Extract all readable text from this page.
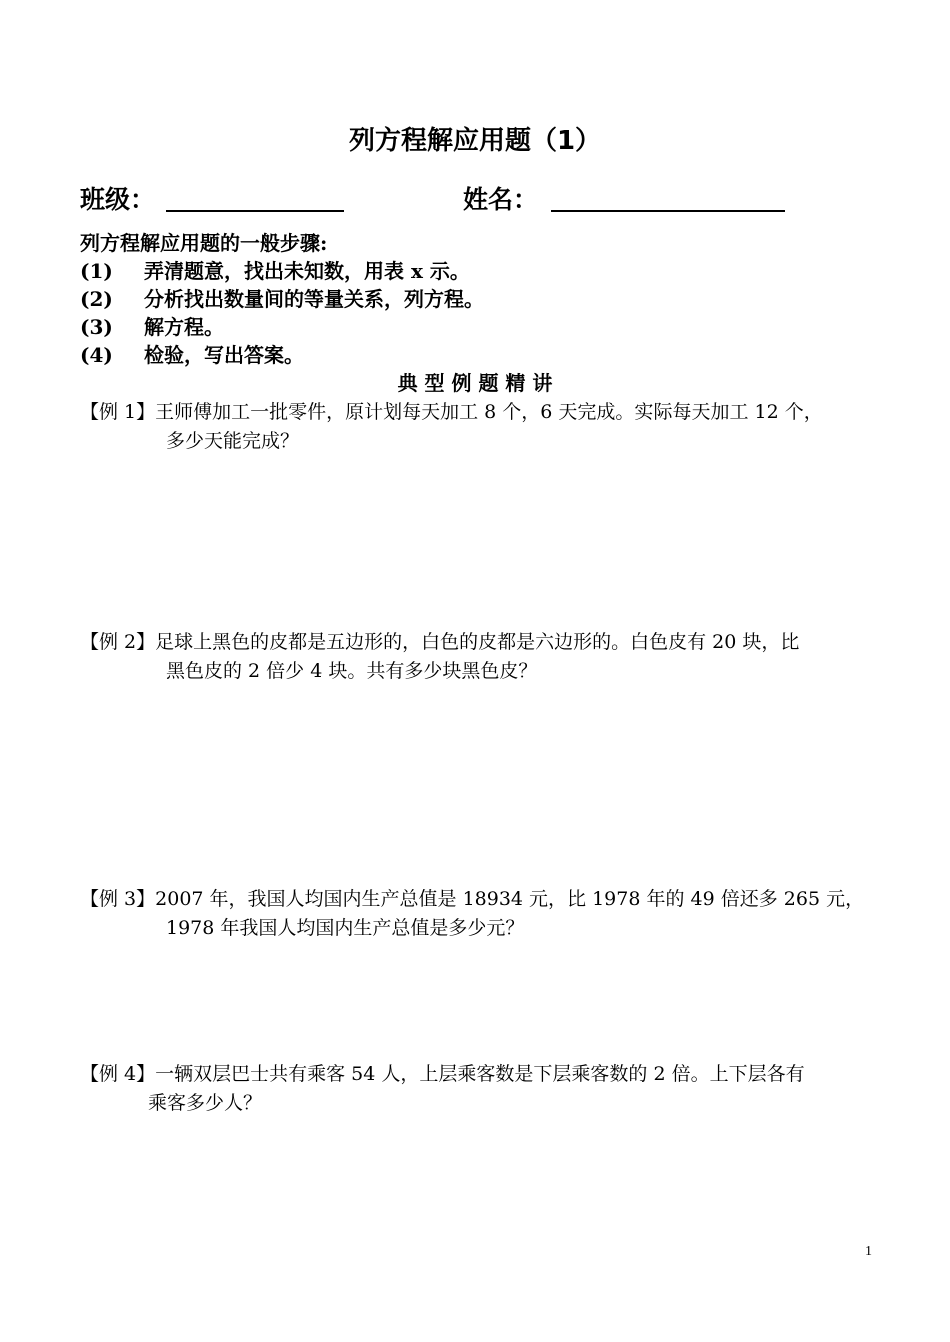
列方程解应用题（1）
班级：	姓名：
列方程解应用题的一般步骤:
(1) 弄清题意，找出未知数，用表 x 示。
(2) 分析找出数量间的等量关系，列方程。
(3) 解方程。
(4) 检验，写出答案。
典 型 例 题 精 讲
【例 1】王师傅加工一批零件，原计划每天加工 8 个，6 天完成。实际每天加工 12 个，
多少天能完成？
【例 2】足球上黑色的皮都是五边形的，白色的皮都是六边形的。白色皮有 20 块，比
黑色皮的 2 倍少 4 块。共有多少块黑色皮？
【例 3】2007 年，我国人均国内生产总值是 18934 元，比 1978 年的 49 倍还多 265 元，
1978 年我国人均国内生产总值是多少元？
【例 4】一辆双层巴士共有乘客 54 人，上层乘客数是下层乘客数的 2 倍。上下层各有
乘客多少人？
1
